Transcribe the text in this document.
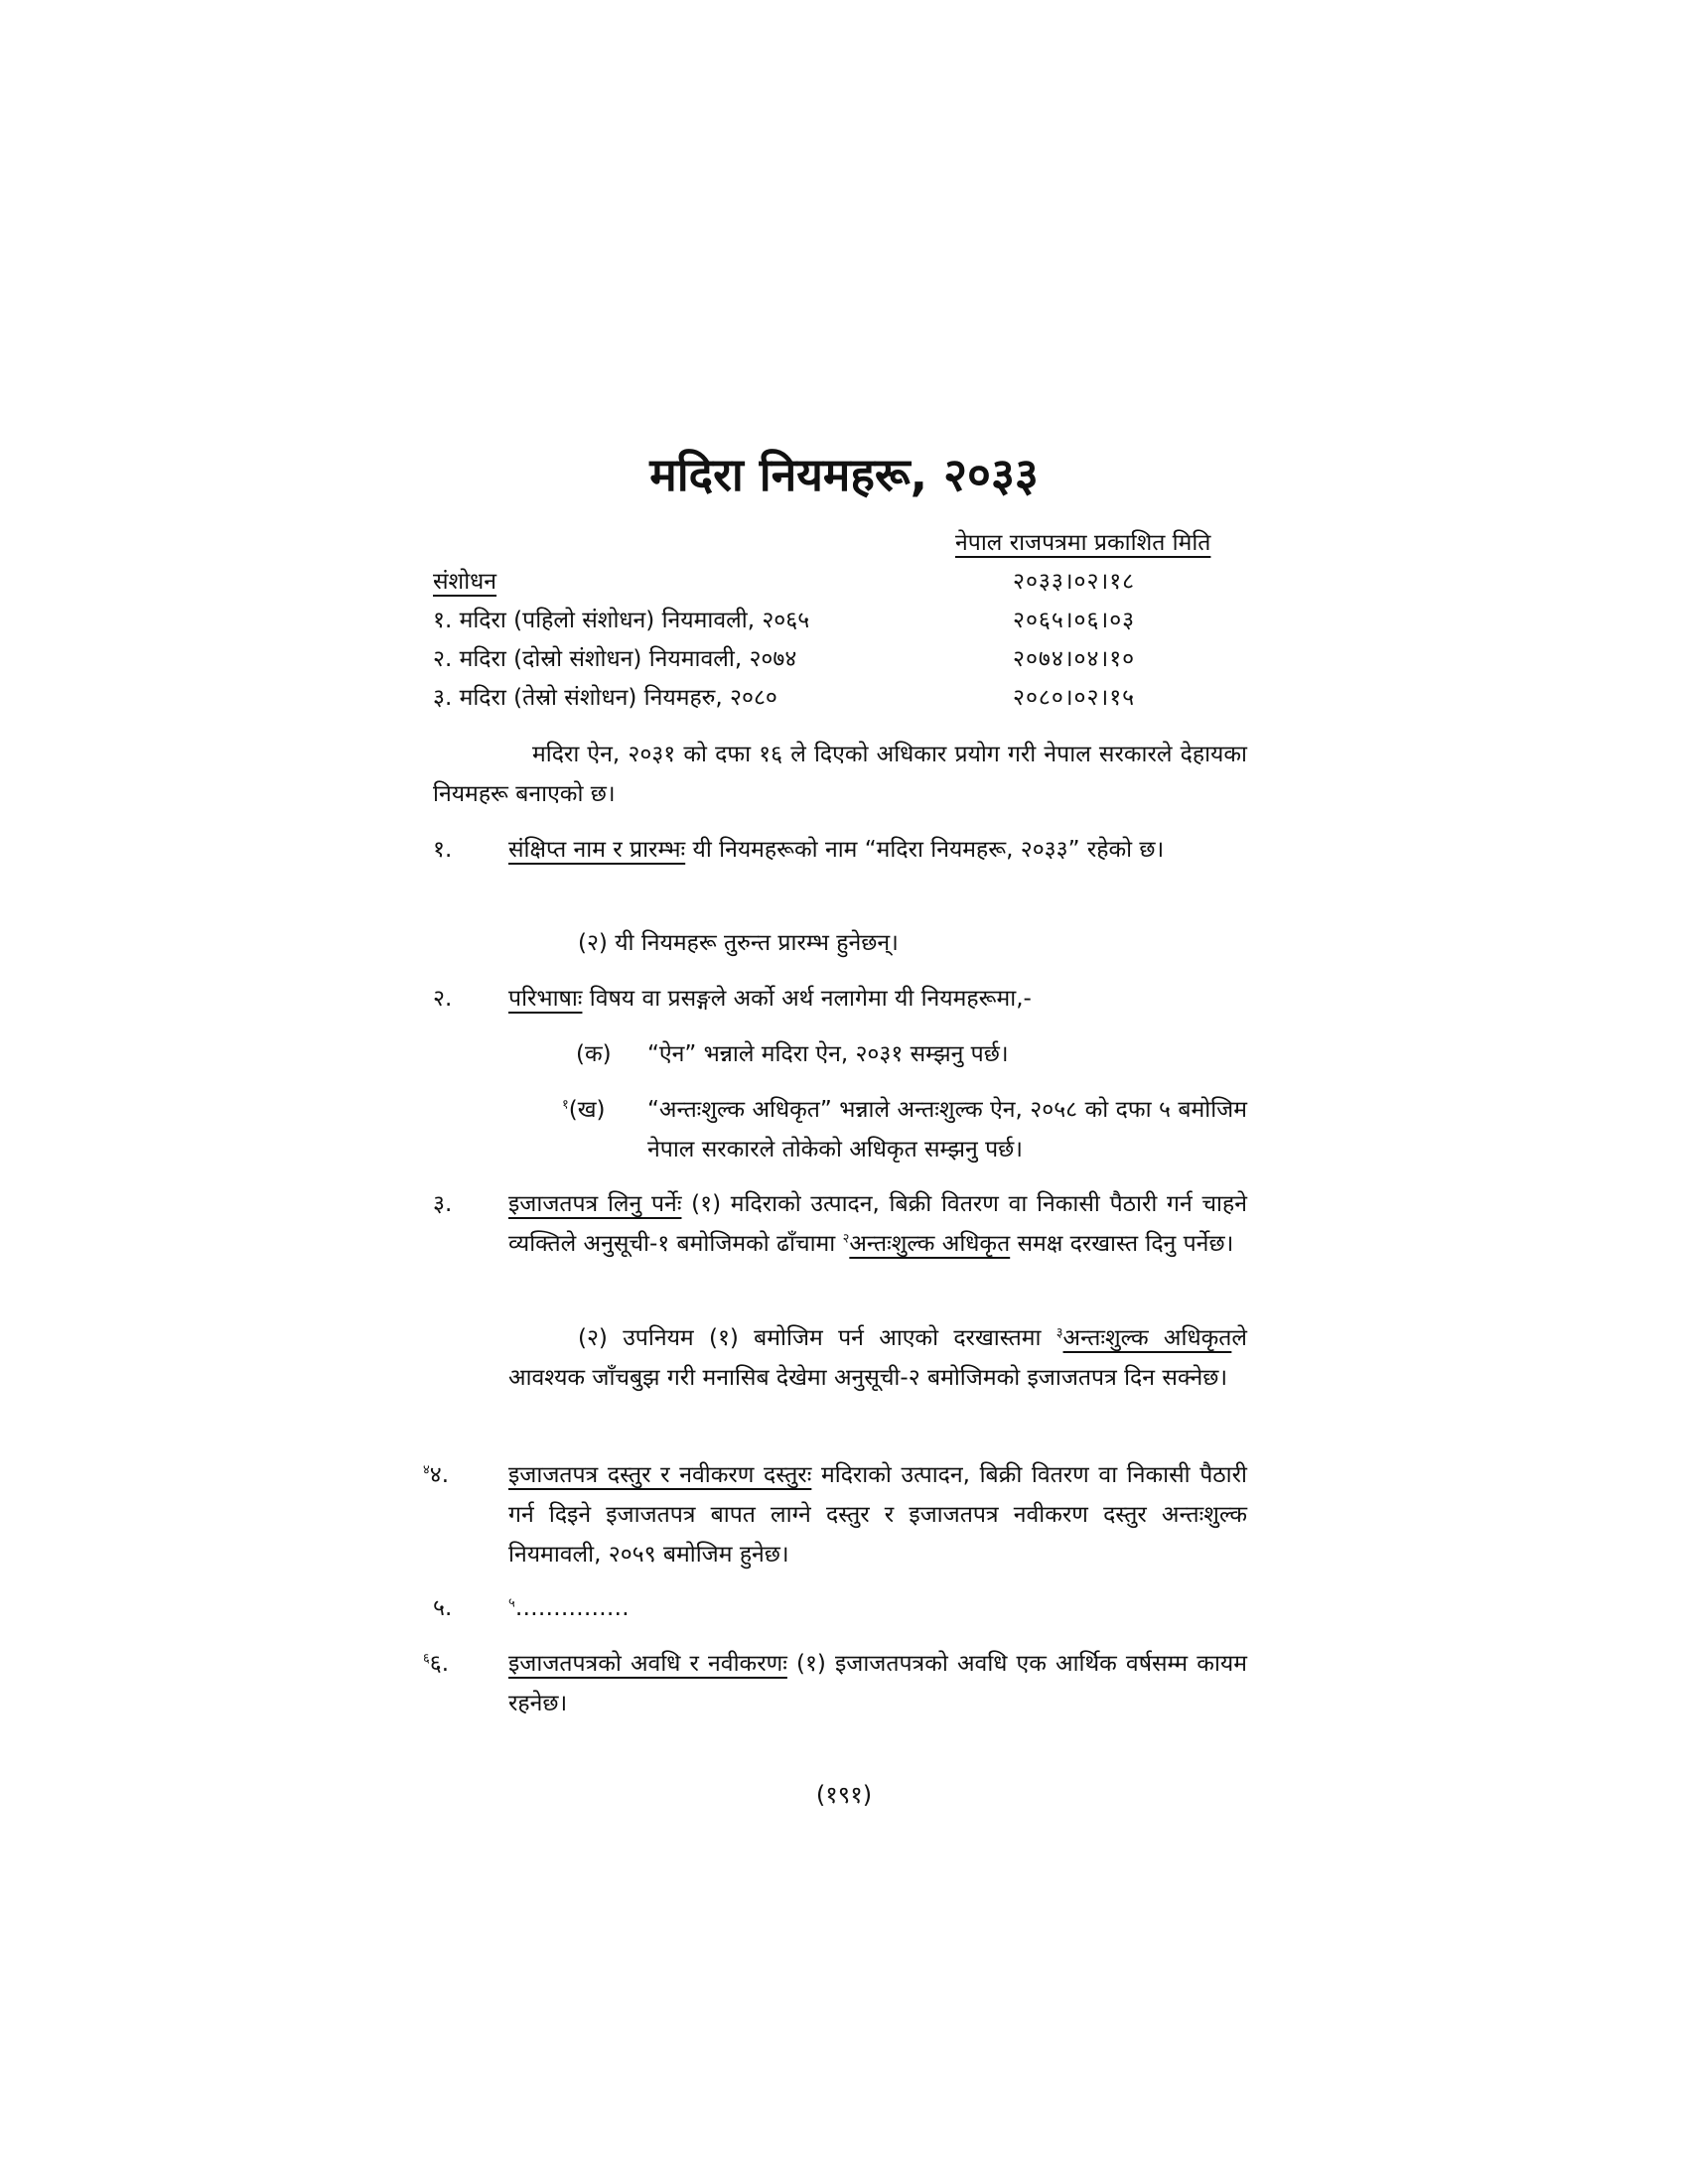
मदिरा नियमहरू, २०३३
नेपाल राजपत्रमा प्रकाशित मिति
संशोधन	२०३३।०२।१८
१. मदिरा (पहिलो संशोधन) नियमावली, २०६५	२०६५।०६।०३
२. मदिरा (दोस्रो संशोधन) नियमावली, २०७४	२०७४।०४।१०
३. मदिरा (तेस्रो संशोधन) नियमहरु, २०८०	२०८०।०२।१५
मदिरा ऐन, २०३१ को दफा १६ ले दिएको अधिकार प्रयोग गरी नेपाल सरकारले देहायका नियमहरू बनाएको छ।
१. संक्षिप्त नाम र प्रारम्भः यी नियमहरूको नाम “मदिरा नियमहरू, २०३३” रहेको छ।
(२) यी नियमहरू तुरुन्त प्रारम्भ हुनेछन्।
२. परिभाषाः विषय वा प्रसङ्गले अर्को अर्थ नलागेमा यी नियमहरूमा,-
(क) “ऐन” भन्नाले मदिरा ऐन, २०३१ सम्झनु पर्छ।
$^१$(ख) “अन्तःशुल्क अधिकृत” भन्नाले अन्तःशुल्क ऐन, २०५८ को दफा ५ बमोजिम नेपाल सरकारले तोकेको अधिकृत सम्झनु पर्छ।
३. इजाजतपत्र लिनु पर्नेः (१) मदिराको उत्पादन, बिक्री वितरण वा निकासी पैठारी गर्न चाहने व्यक्तिले अनुसूची-१ बमोजिमको ढाँचामा $^२$अन्तःशुल्क अधिकृत समक्ष दरखास्त दिनु पर्नेछ।
(२) उपनियम (१) बमोजिम पर्न आएको दरखास्तमा $^३$अन्तःशुल्क अधिकृतले आवश्यक जाँचबुझ गरी मनासिब देखेमा अनुसूची-२ बमोजिमको इजाजतपत्र दिन सक्नेछ।
$^४$४.	इजाजतपत्र दस्तुर र नवीकरण दस्तुरः मदिराको उत्पादन, बिक्री वितरण वा निकासी पैठारी गर्न दिइने इजाजतपत्र बापत लाग्ने दस्तुर र इजाजतपत्र नवीकरण दस्तुर अन्तःशुल्क नियमावली, २०५९ बमोजिम हुनेछ।
५.	$^५$……………
$^६$६.	इजाजतपत्रको अवधि र नवीकरणः (१) इजाजतपत्रको अवधि एक आर्थिक वर्षसम्म कायम रहनेछ।
(१९१)
